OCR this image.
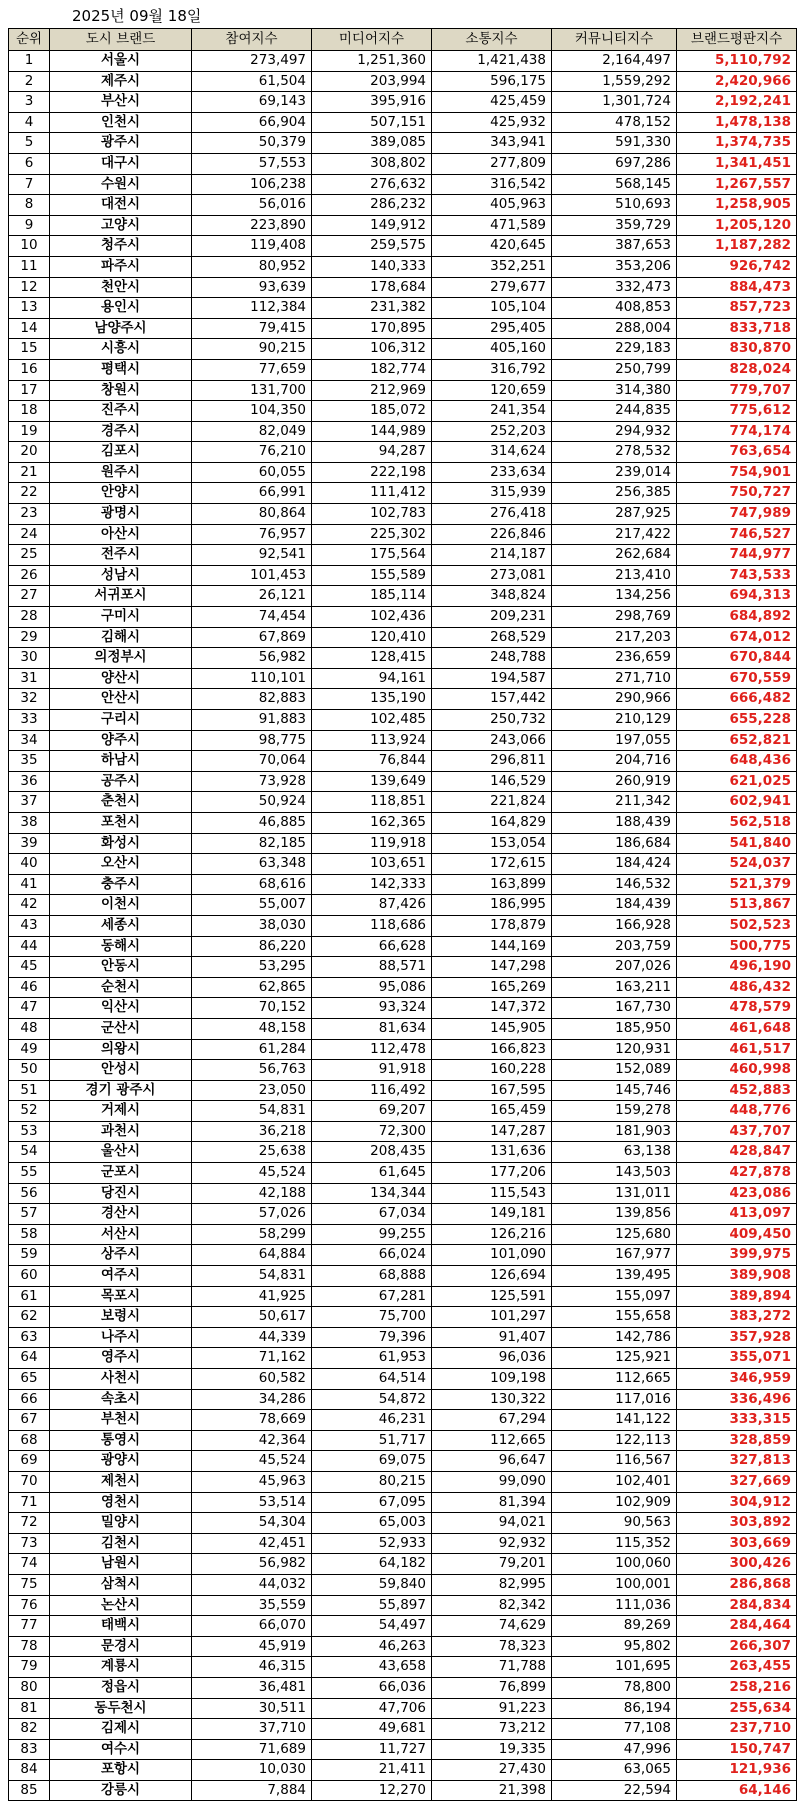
2025년 09월 18일
순위	도시 브랜드	참여지수	미디어지수	소통지수	커뮤니티지수	브랜드평판지수
1	서울시	273,497	1,251,360	1,421,438	2,164,497	5,110,792
2	제주시	61,504	203,994	596,175	1,559,292	2,420,966
3	부산시	69,143	395,916	425,459	1,301,724	2,192,241
4	인천시	66,904	507,151	425,932	478,152	1,478,138
5	광주시	50,379	389,085	343,941	591,330	1,374,735
6	대구시	57,553	308,802	277,809	697,286	1,341,451
7	수원시	106,238	276,632	316,542	568,145	1,267,557
8	대전시	56,016	286,232	405,963	510,693	1,258,905
9	고양시	223,890	149,912	471,589	359,729	1,205,120
10	청주시	119,408	259,575	420,645	387,653	1,187,282
11	파주시	80,952	140,333	352,251	353,206	926,742
12	천안시	93,639	178,684	279,677	332,473	884,473
13	용인시	112,384	231,382	105,104	408,853	857,723
14	남양주시	79,415	170,895	295,405	288,004	833,718
15	시흥시	90,215	106,312	405,160	229,183	830,870
16	평택시	77,659	182,774	316,792	250,799	828,024
17	창원시	131,700	212,969	120,659	314,380	779,707
18	진주시	104,350	185,072	241,354	244,835	775,612
19	경주시	82,049	144,989	252,203	294,932	774,174
20	김포시	76,210	94,287	314,624	278,532	763,654
21	원주시	60,055	222,198	233,634	239,014	754,901
22	안양시	66,991	111,412	315,939	256,385	750,727
23	광명시	80,864	102,783	276,418	287,925	747,989
24	아산시	76,957	225,302	226,846	217,422	746,527
25	전주시	92,541	175,564	214,187	262,684	744,977
26	성남시	101,453	155,589	273,081	213,410	743,533
27	서귀포시	26,121	185,114	348,824	134,256	694,313
28	구미시	74,454	102,436	209,231	298,769	684,892
29	김해시	67,869	120,410	268,529	217,203	674,012
30	의정부시	56,982	128,415	248,788	236,659	670,844
31	양산시	110,101	94,161	194,587	271,710	670,559
32	안산시	82,883	135,190	157,442	290,966	666,482
33	구리시	91,883	102,485	250,732	210,129	655,228
34	양주시	98,775	113,924	243,066	197,055	652,821
35	하남시	70,064	76,844	296,811	204,716	648,436
36	공주시	73,928	139,649	146,529	260,919	621,025
37	춘천시	50,924	118,851	221,824	211,342	602,941
38	포천시	46,885	162,365	164,829	188,439	562,518
39	화성시	82,185	119,918	153,054	186,684	541,840
40	오산시	63,348	103,651	172,615	184,424	524,037
41	충주시	68,616	142,333	163,899	146,532	521,379
42	이천시	55,007	87,426	186,995	184,439	513,867
43	세종시	38,030	118,686	178,879	166,928	502,523
44	동해시	86,220	66,628	144,169	203,759	500,775
45	안동시	53,295	88,571	147,298	207,026	496,190
46	순천시	62,865	95,086	165,269	163,211	486,432
47	익산시	70,152	93,324	147,372	167,730	478,579
48	군산시	48,158	81,634	145,905	185,950	461,648
49	의왕시	61,284	112,478	166,823	120,931	461,517
50	안성시	56,763	91,918	160,228	152,089	460,998
51	경기 광주시	23,050	116,492	167,595	145,746	452,883
52	거제시	54,831	69,207	165,459	159,278	448,776
53	과천시	36,218	72,300	147,287	181,903	437,707
54	울산시	25,638	208,435	131,636	63,138	428,847
55	군포시	45,524	61,645	177,206	143,503	427,878
56	당진시	42,188	134,344	115,543	131,011	423,086
57	경산시	57,026	67,034	149,181	139,856	413,097
58	서산시	58,299	99,255	126,216	125,680	409,450
59	상주시	64,884	66,024	101,090	167,977	399,975
60	여주시	54,831	68,888	126,694	139,495	389,908
61	목포시	41,925	67,281	125,591	155,097	389,894
62	보령시	50,617	75,700	101,297	155,658	383,272
63	나주시	44,339	79,396	91,407	142,786	357,928
64	영주시	71,162	61,953	96,036	125,921	355,071
65	사천시	60,582	64,514	109,198	112,665	346,959
66	속초시	34,286	54,872	130,322	117,016	336,496
67	부천시	78,669	46,231	67,294	141,122	333,315
68	통영시	42,364	51,717	112,665	122,113	328,859
69	광양시	45,524	69,075	96,647	116,567	327,813
70	제천시	45,963	80,215	99,090	102,401	327,669
71	영천시	53,514	67,095	81,394	102,909	304,912
72	밀양시	54,304	65,003	94,021	90,563	303,892
73	김천시	42,451	52,933	92,932	115,352	303,669
74	남원시	56,982	64,182	79,201	100,060	300,426
75	삼척시	44,032	59,840	82,995	100,001	286,868
76	논산시	35,559	55,897	82,342	111,036	284,834
77	태백시	66,070	54,497	74,629	89,269	284,464
78	문경시	45,919	46,263	78,323	95,802	266,307
79	계룡시	46,315	43,658	71,788	101,695	263,455
80	정읍시	36,481	66,036	76,899	78,800	258,216
81	동두천시	30,511	47,706	91,223	86,194	255,634
82	김제시	37,710	49,681	73,212	77,108	237,710
83	여수시	71,689	11,727	19,335	47,996	150,747
84	포항시	10,030	21,411	27,430	63,065	121,936
85	강릉시	7,884	12,270	21,398	22,594	64,146
